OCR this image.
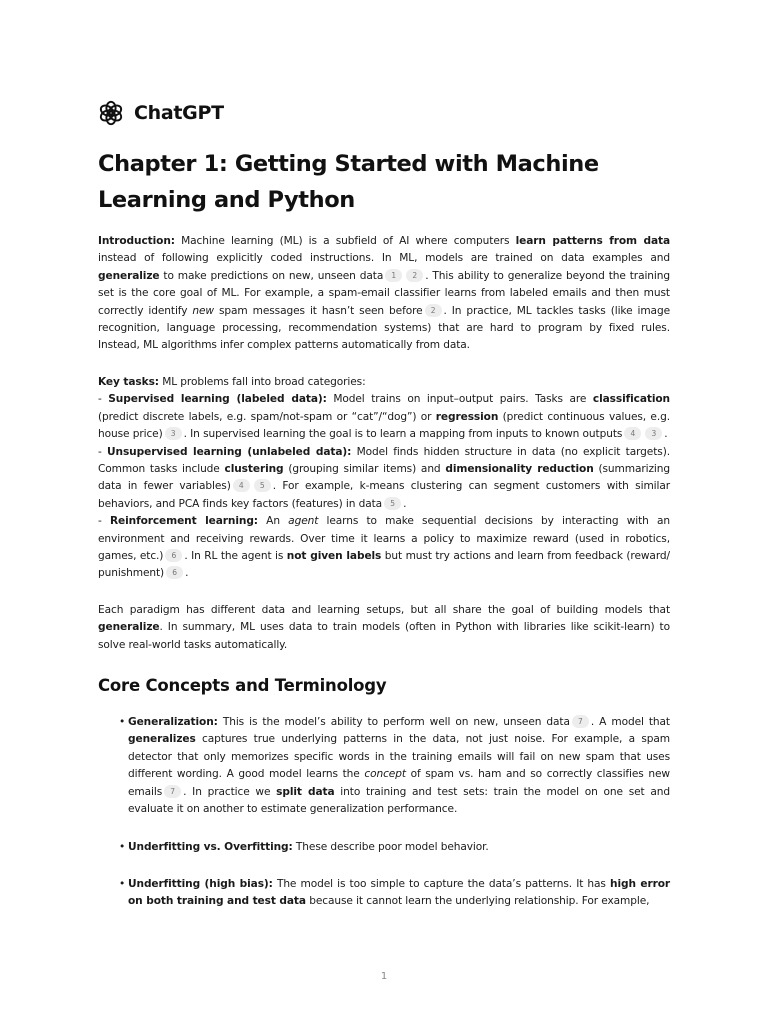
ChatGPT
Chapter 1: Getting Started with Machine Learning and Python

Introduction: Machine learning (ML) is a subfield of AI where computers learn patterns from data instead of following explicitly coded instructions. In ML, models are trained on data examples and generalize to make predictions on new, unseen data 1 2 . This ability to generalize beyond the training set is the core goal of ML. For example, a spam-email classifier learns from labeled emails and then must correctly identify new spam messages it hasn’t seen before 2 . In practice, ML tackles tasks (like image recognition, language processing, recommendation systems) that are hard to program by fixed rules. Instead, ML algorithms infer complex patterns automatically from data.

Key tasks: ML problems fall into broad categories:
- Supervised learning (labeled data): Model trains on input–output pairs. Tasks are classification (predict discrete labels, e.g. spam/not-spam or “cat”/“dog”) or regression (predict continuous values, e.g. house price) 3 . In supervised learning the goal is to learn a mapping from inputs to known outputs 4 3 .
- Unsupervised learning (unlabeled data): Model finds hidden structure in data (no explicit targets). Common tasks include clustering (grouping similar items) and dimensionality reduction (summarizing data in fewer variables) 4 5 . For example, k-means clustering can segment customers with similar behaviors, and PCA finds key factors (features) in data 5 .
- Reinforcement learning: An agent learns to make sequential decisions by interacting with an environment and receiving rewards. Over time it learns a policy to maximize reward (used in robotics, games, etc.) 6 . In RL the agent is not given labels but must try actions and learn from feedback (reward/ punishment) 6 .

Each paradigm has different data and learning setups, but all share the goal of building models that generalize. In summary, ML uses data to train models (often in Python with libraries like scikit-learn) to solve real-world tasks automatically.

Core Concepts and Terminology
• Generalization: This is the model’s ability to perform well on new, unseen data 7 . A model that generalizes captures true underlying patterns in the data, not just noise. For example, a spam detector that only memorizes specific words in the training emails will fail on new spam that uses different wording. A good model learns the concept of spam vs. ham and so correctly classifies new emails 7 . In practice we split data into training and test sets: train the model on one set and evaluate it on another to estimate generalization performance.
• Underfitting vs. Overfitting: These describe poor model behavior.
• Underfitting (high bias): The model is too simple to capture the data’s patterns. It has high error on both training and test data because it cannot learn the underlying relationship. For example,
1
